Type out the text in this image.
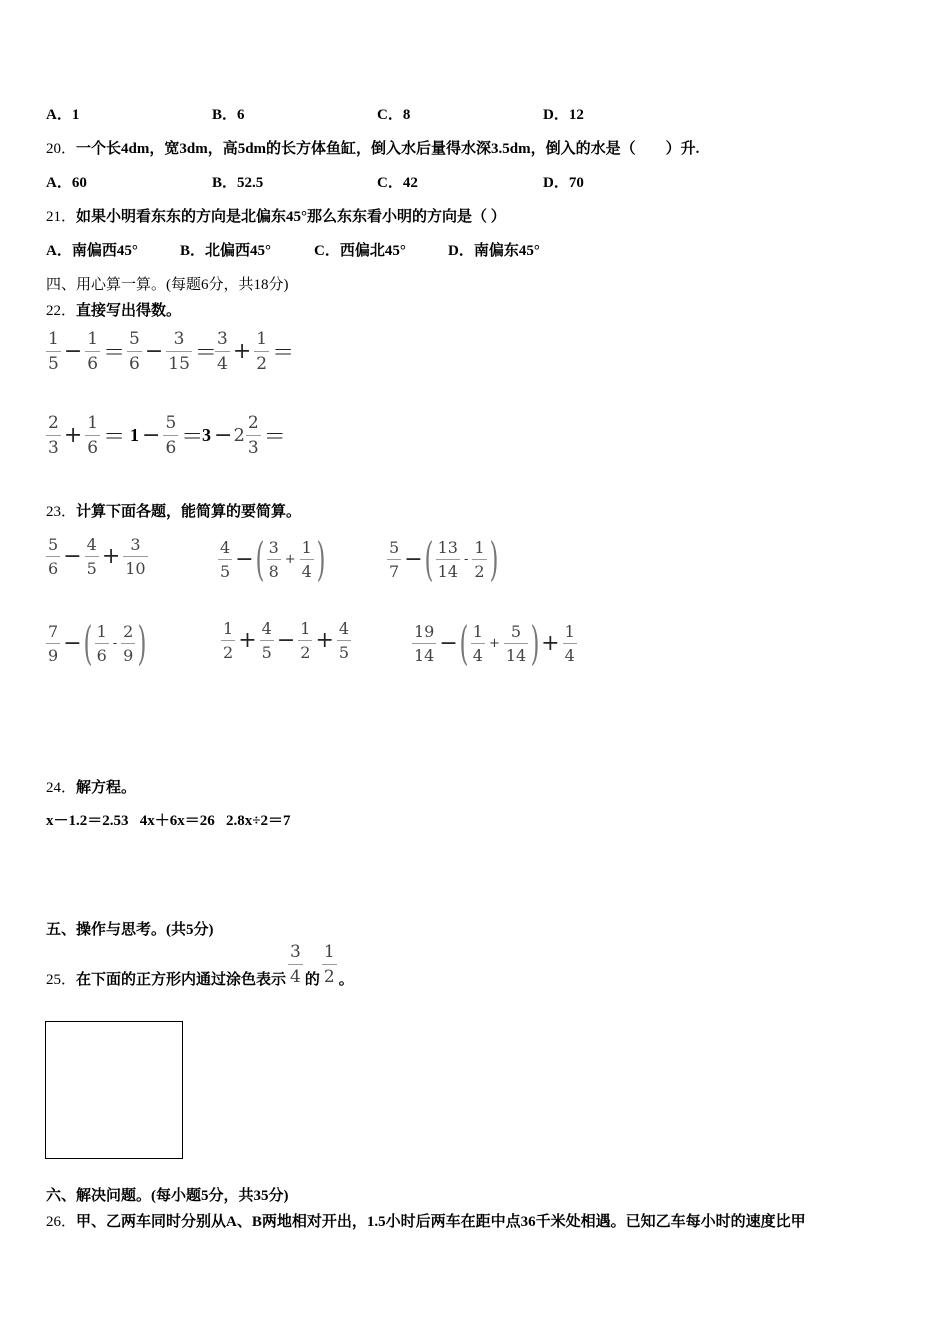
A．1	B．6	C．8	D．12
20．一个长4dm，宽3dm，高5dm的长方体鱼缸，倒入水后量得水深3.5dm，倒入的水是（　　）升.
A．60	B．52.5	C．42	D．70
21．如果小明看东东的方向是北偏东45°那么东东看小明的方向是（ ）
A．南偏西45°	B．北偏西45°	C．西偏北45°	D．南偏东45°
四、用心算一算。(每题6分，共18分)
22．直接写出得数。
1
$5 - \frac{1}{6}$ ＝
5
$6 - \frac{3}{15}$ ＝
3
$4 + \frac{1}{2}$ ＝
2
$3 + \frac{1}{6} = 1 - \frac{5}{6}$ ＝
3 − 2
2
3 ＝
23．计算下面各题，能简算的要简算。
5
$6 - \frac{4}{5} + \frac{3}{10}$	4
5 − ( 3
8
+ $\frac{1}{4}$ )	5
7 − ( 13
14
-
1
2 )
7
9 − ( 1
6
-
2
9 )	1
$2 + \frac{4}{5} - \frac{1}{2} + \frac{4}{5}$	19
14 − ( 1
4
+ $\frac{5}{14}$ ) + $\frac{1}{4}$
24．解方程。
x－1.2＝2.53   4x＋6x＝26   2.8x÷2＝7
五、操作与思考。(共5分)
25． 在下面的正方形内通过涂色表示
3
4 的
1
2 。
六、解决问题。(每小题5分，共35分)
26．甲、乙两车同时分别从A、B两地相对开出，1.5小时后两车在距中点36千米处相遇。已知乙车每小时的速度比甲
